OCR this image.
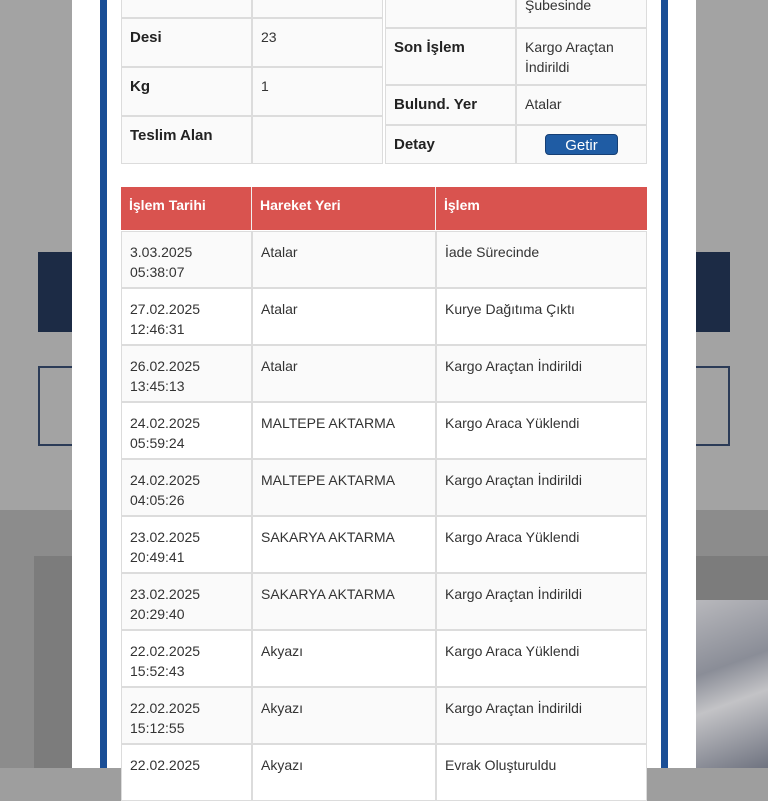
Desi	23
Kg	1
Teslim Alan
Şubesinde
Son İşlem	Kargo Araçtan İndirildi
Bulund. Yer	Atalar
Detay	Getir
İşlem Tarihi	Hareket Yeri	İşlem
3.03.2025
05:38:07
Atalar	İade Sürecinde
27.02.2025
12:46:31
Atalar	Kurye Dağıtıma Çıktı
26.02.2025
13:45:13
Atalar	Kargo Araçtan İndirildi
24.02.2025
05:59:24
MALTEPE AKTARMA	Kargo Araca Yüklendi
24.02.2025
04:05:26
MALTEPE AKTARMA	Kargo Araçtan İndirildi
23.02.2025
20:49:41
SAKARYA AKTARMA	Kargo Araca Yüklendi
23.02.2025
20:29:40
SAKARYA AKTARMA	Kargo Araçtan İndirildi
22.02.2025
15:52:43
Akyazı	Kargo Araca Yüklendi
22.02.2025
15:12:55
Akyazı	Kargo Araçtan İndirildi
22.02.2025	Akyazı	Evrak Oluşturuldu
